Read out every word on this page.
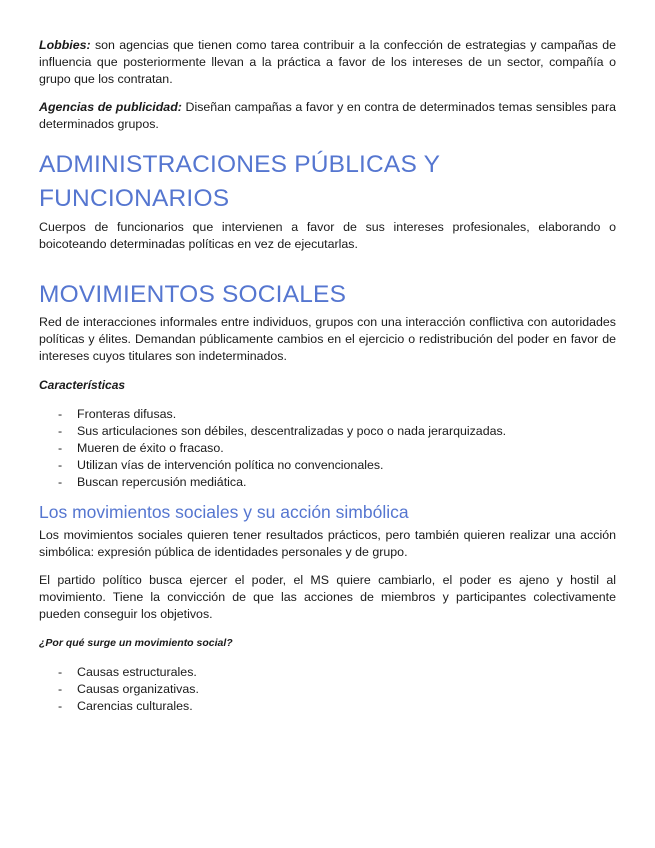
Lobbies: son agencias que tienen como tarea contribuir a la confección de estrategias y campañas de influencia que posteriormente llevan a la práctica a favor de los intereses de un sector, compañía o grupo que los contratan.

Agencias de publicidad: Diseñan campañas a favor y en contra de determinados temas sensibles para determinados grupos.

ADMINISTRACIONES PÚBLICAS Y FUNCIONARIOS

Cuerpos de funcionarios que intervienen a favor de sus intereses profesionales, elaborando o boicoteando determinadas políticas en vez de ejecutarlas.

MOVIMIENTOS SOCIALES

Red de interacciones informales entre individuos, grupos con una interacción conflictiva con autoridades políticas y élites. Demandan públicamente cambios en el ejercicio o redistribución del poder en favor de intereses cuyos titulares son indeterminados.

Características

- Fronteras difusas.
- Sus articulaciones son débiles, descentralizadas y poco o nada jerarquizadas.
- Mueren de éxito o fracaso.
- Utilizan vías de intervención política no convencionales.
- Buscan repercusión mediática.
Los movimientos sociales y su acción simbólica

Los movimientos sociales quieren tener resultados prácticos, pero también quieren realizar una acción simbólica: expresión pública de identidades personales y de grupo.

El partido político busca ejercer el poder, el MS quiere cambiarlo, el poder es ajeno y hostil al movimiento. Tiene la convicción de que las acciones de miembros y participantes colectivamente pueden conseguir los objetivos.

¿Por qué surge un movimiento social?

- Causas estructurales.
- Causas organizativas.
- Carencias culturales.
